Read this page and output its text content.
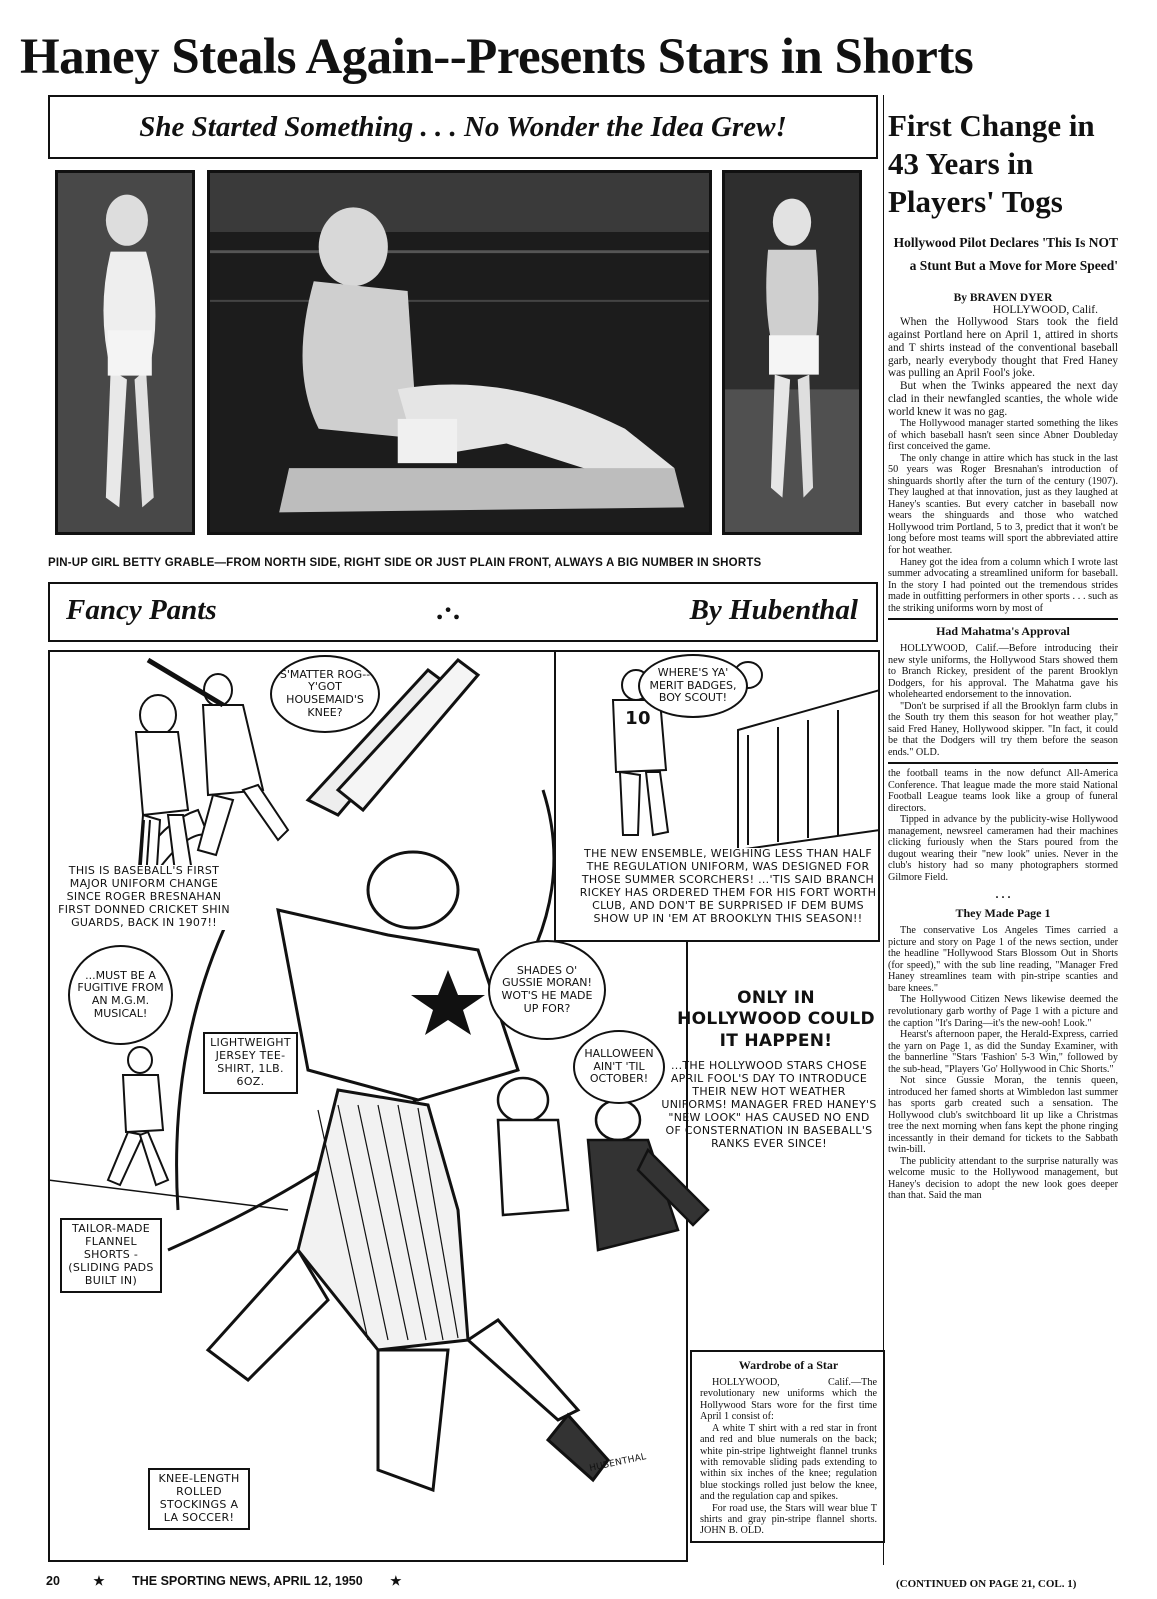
Haney Steals Again--Presents Stars in Shorts
She Started Something . . . No Wonder the Idea Grew!
PIN-UP GIRL BETTY GRABLE—FROM NORTH SIDE, RIGHT SIDE OR JUST PLAIN FRONT, ALWAYS A BIG NUMBER IN SHORTS
Fancy Pants	.·.	By Hubenthal
S'MATTER ROG--Y'GOT HOUSEMAID'S KNEE?
WHERE'S YA' MERIT BADGES, BOY SCOUT!
...MUST BE A FUGITIVE FROM AN M.G.M. MUSICAL!
SHADES O' GUSSIE MORAN! WOT'S HE MADE UP FOR?
HALLOWEEN AIN'T 'TIL OCTOBER!
THIS IS BASEBALL'S FIRST MAJOR UNIFORM CHANGE SINCE ROGER BRESNAHAN FIRST DONNED CRICKET SHIN GUARDS, BACK IN 1907!!
THE NEW ENSEMBLE, WEIGHING LESS THAN HALF THE REGULATION UNIFORM, WAS DESIGNED FOR THOSE SUMMER SCORCHERS! ...'TIS SAID BRANCH RICKEY HAS ORDERED THEM FOR HIS FORT WORTH CLUB, AND DON'T BE SURPRISED IF DEM BUMS SHOW UP IN 'EM AT BROOKLYN THIS SEASON!!
ONLY IN HOLLYWOOD COULD IT HAPPEN!
...THE HOLLYWOOD STARS CHOSE APRIL FOOL'S DAY TO INTRODUCE THEIR NEW HOT WEATHER UNIFORMS! MANAGER FRED HANEY'S "NEW LOOK" HAS CAUSED NO END OF CONSTERNATION IN BASEBALL'S RANKS EVER SINCE!
LIGHTWEIGHT JERSEY TEE-SHIRT, 1LB. 6OZ.
TAILOR-MADE FLANNEL SHORTS - (SLIDING PADS BUILT IN)
KNEE-LENGTH ROLLED STOCKINGS A LA SOCCER!
HUBENTHAL
10
Wardrobe of a Star

HOLLYWOOD, Calif.—The revolutionary new uniforms which the Hollywood Stars wore for the first time April 1 consist of:

A white T shirt with a red star in front and red and blue numerals on the back; white pin-stripe lightweight flannel trunks with removable sliding pads extending to within six inches of the knee; regulation blue stockings rolled just below the knee, and the regulation cap and spikes.

For road use, the Stars will wear blue T shirts and gray pin-stripe flannel shorts. JOHN B. OLD.

First Change in 43 Years in Players' Togs
Hollywood Pilot Declares 'This Is NOT a Stunt But a Move for More Speed'
By BRAVEN DYER
HOLLYWOOD, Calif.

When the Hollywood Stars took the field against Portland here on April 1, attired in shorts and T shirts instead of the conventional baseball garb, nearly everybody thought that Fred Haney was pulling an April Fool's joke.

But when the Twinks appeared the next day clad in their newfangled scanties, the whole wide world knew it was no gag.

The Hollywood manager started something the likes of which baseball hasn't seen since Abner Doubleday first conceived the game.

The only change in attire which has stuck in the last 50 years was Roger Bresnahan's introduction of shinguards shortly after the turn of the century (1907). They laughed at that innovation, just as they laughed at Haney's scanties. But every catcher in baseball now wears the shinguards and those who watched Hollywood trim Portland, 5 to 3, predict that it won't be long before most teams will sport the abbreviated attire for hot weather.

Haney got the idea from a column which I wrote last summer advocating a streamlined uniform for baseball. In the story I had pointed out the tremendous strides made in outfitting performers in other sports . . . such as the striking uniforms worn by most of

Had Mahatma's Approval

HOLLYWOOD, Calif.—Before introducing their new style uniforms, the Hollywood Stars showed them to Branch Rickey, president of the parent Brooklyn Dodgers, for his approval. The Mahatma gave his wholehearted endorsement to the innovation.

"Don't be surprised if all the Brooklyn farm clubs in the South try them this season for hot weather play," said Fred Haney, Hollywood skipper. "In fact, it could be that the Dodgers will try them before the season ends." OLD.

the football teams in the now defunct All-America Conference. That league made the more staid National Football League teams look like a group of funeral directors.

Tipped in advance by the publicity-wise Hollywood management, newsreel cameramen had their machines clicking furiously when the Stars poured from the dugout wearing their "new look" unies. Never in the club's history had so many photographers stormed Gilmore Field.

. . .
They Made Page 1

The conservative Los Angeles Times carried a picture and story on Page 1 of the news section, under the headline "Hollywood Stars Blossom Out in Shorts (for speed)," with the sub line reading, "Manager Fred Haney streamlines team with pin-stripe scanties and bare knees."

The Hollywood Citizen News likewise deemed the revolutionary garb worthy of Page 1 with a picture and the caption "It's Daring—it's the new-ooh! Look."

Hearst's afternoon paper, the Herald-Express, carried the yarn on Page 1, as did the Sunday Examiner, with the bannerline "Stars 'Fashion' 5-3 Win," followed by the sub-head, "Players 'Go' Hollywood in Chic Shorts."

Not since Gussie Moran, the tennis queen, introduced her famed shorts at Wimbledon last summer has sports garb created such a sensation. The Hollywood club's switchboard lit up like a Christmas tree the next morning when fans kept the phone ringing incessantly in their demand for tickets to the Sabbath twin-bill.

The publicity attendant to the surprise naturally was welcome music to the Hollywood management, but Haney's decision to adopt the new look goes deeper than that. Said the man

(CONTINUED ON PAGE 21, COL. 1)
20	★ THE SPORTING NEWS, APRIL 12, 1950 ★
